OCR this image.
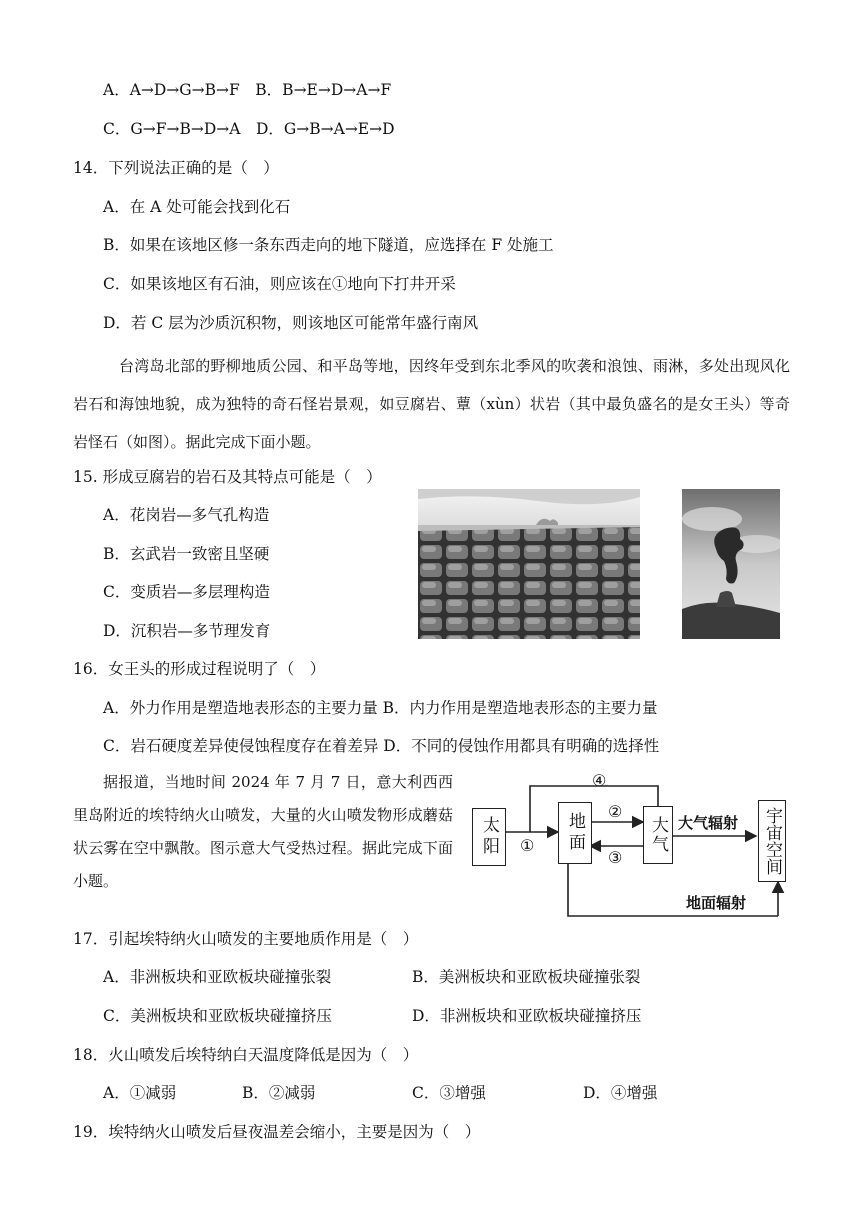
A．A→D→G→B→F　B．B→E→D→A→F
C．G→F→B→D→A　D．G→B→A→E→D
14．下列说法正确的是（　）
A．在 A 处可能会找到化石
B．如果在该地区修一条东西走向的地下隧道，应选择在 F 处施工
C．如果该地区有石油，则应该在①地向下打井开采
D．若 C 层为沙质沉积物，则该地区可能常年盛行南风
台湾岛北部的野柳地质公园、和平岛等地，因终年受到东北季风的吹袭和浪蚀、雨淋，多处出现风化岩石和海蚀地貌，成为独特的奇石怪岩景观，如豆腐岩、蕈（xùn）状岩（其中最负盛名的是女王头）等奇岩怪石（如图）。据此完成下面小题。
15. 形成豆腐岩的岩石及其特点可能是（　）
A．花岗岩—多气孔构造
B．玄武岩一致密且坚硬
C．变质岩—多层理构造
D．沉积岩—多节理发育
16．女王头的形成过程说明了（　）
A．外力作用是塑造地表形态的主要力量 B．内力作用是塑造地表形态的主要力量
C．岩石硬度差异使侵蚀程度存在着差异 D．不同的侵蚀作用都具有明确的选择性
据报道，当地时间 2024 年 7 月 7 日，意大利西西里岛附近的埃特纳火山喷发，大量的火山喷发物形成蘑菇状云雾在空中飘散。图示意大气受热过程。据此完成下面小题。
太阳	地面	大气	宇宙空间
①
②
③
④
大气辐射
地面辐射
17．引起埃特纳火山喷发的主要地质作用是（　）
A．非洲板块和亚欧板块碰撞张裂	B．美洲板块和亚欧板块碰撞张裂
C．美洲板块和亚欧板块碰撞挤压	D．非洲板块和亚欧板块碰撞挤压
18．火山喷发后埃特纳白天温度降低是因为（　）
A．①减弱	B．②减弱	C．③增强	D．④增强
19．埃特纳火山喷发后昼夜温差会缩小，主要是因为（　）
